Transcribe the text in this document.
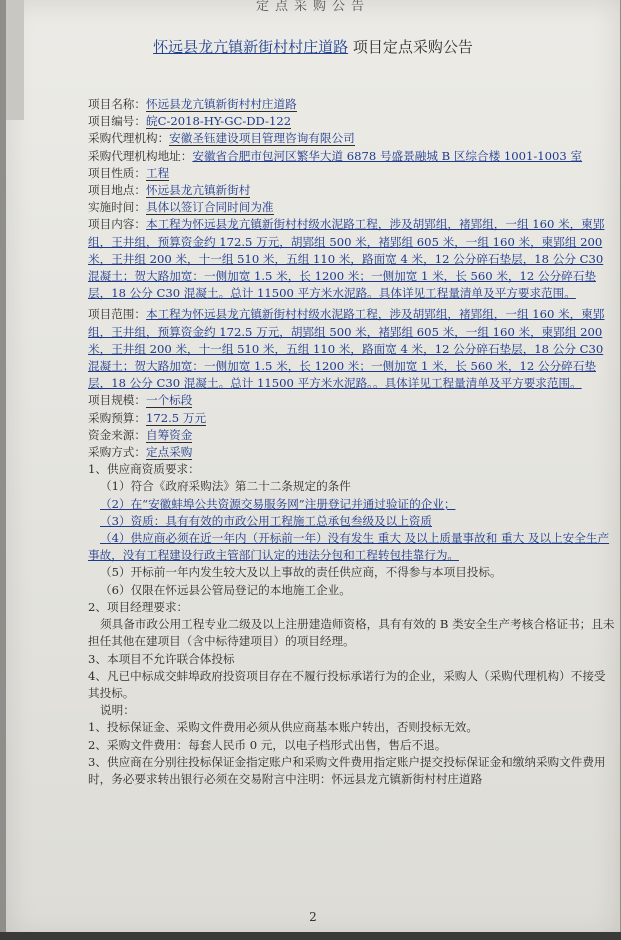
定点采购公告
怀远县龙亢镇新街村村庄道路 项目定点采购公告
项目名称：怀远县龙亢镇新街村村庄道路
项目编号：皖C-2018-HY-GC-DD-122
采购代理机构：安徽圣钰建设项目管理咨询有限公司
采购代理机构地址：安徽省合肥市包河区繁华大道 6878 号盛景融城 B 区综合楼 1001-1003 室
项目性质：工程
项目地点：怀远县龙亢镇新街村
实施时间：具体以签订合同时间为准
项目内容：本工程为怀远县龙亢镇新街村村级水泥路工程，涉及胡郢组，褚郢组，一组 160 米，柬郢组，王井组，预算资金约 172.5 万元，胡郢组 500 米，褚郢组 605 米，一组 160 米，柬郢组 200 米，王井组 200 米，十一组 510 米，五组 110 米，路面宽 4 米，12 公分碎石垫层，18 公分 C30 混凝土；贺大路加宽：一侧加宽 1.5 米，长 1200 米；一侧加宽 1 米，长 560 米，12 公分碎石垫层，18 公分 C30 混凝土。总计 11500 平方米水泥路。具体详见工程量清单及平方要求范围。
项目范围：本工程为怀远县龙亢镇新街村村级水泥路工程，涉及胡郢组，褚郢组，一组 160 米，柬郢组，王井组，预算资金约 172.5 万元，胡郢组 500 米，褚郢组 605 米，一组 160 米，柬郢组 200 米，王井组 200 米，十一组 510 米，五组 110 米，路面宽 4 米，12 公分碎石垫层，18 公分 C30 混凝土；贺大路加宽：一侧加宽 1.5 米，长 1200 米；一侧加宽 1 米，长 560 米，12 公分碎石垫层，18 公分 C30 混凝土。总计 11500 平方米水泥路。。具体详见工程量清单及平方要求范围。
项目规模：一个标段
采购预算：172.5 万元
资金来源：自筹资金
采购方式：定点采购
1、供应商资质要求：
（1）符合《政府采购法》第二十二条规定的条件
（2）在“安徽蚌埠公共资源交易服务网”注册登记并通过验证的企业；
（3）资质：具有有效的市政公用工程施工总承包叁级及以上资质
（4）供应商必须在近一年内（开标前一年）没有发生 重大 及以上质量事故和 重大 及以上安全生产事故，没有工程建设行政主管部门认定的违法分包和工程转包挂靠行为。
（5）开标前一年内发生较大及以上事故的责任供应商，不得参与本项目投标。
（6）仅限在怀远县公管局登记的本地施工企业。
2、项目经理要求：
须具备市政公用工程专业二级及以上注册建造师资格，具有有效的 B 类安全生产考核合格证书；且未担任其他在建项目（含中标待建项目）的项目经理。
3、本项目不允许联合体投标
4、凡已中标成交蚌埠政府投资项目存在不履行投标承诺行为的企业，采购人（采购代理机构）不接受其投标。
说明：
1、投标保证金、采购文件费用必须从供应商基本账户转出，否则投标无效。
2、采购文件费用：每套人民币 0 元，以电子档形式出售，售后不退。
3、供应商在分别往投标保证金指定账户和采购文件费用指定账户提交投标保证金和缴纳采购文件费用时，务必要求转出银行必须在交易附言中注明：怀远县龙亢镇新街村村庄道路
2
